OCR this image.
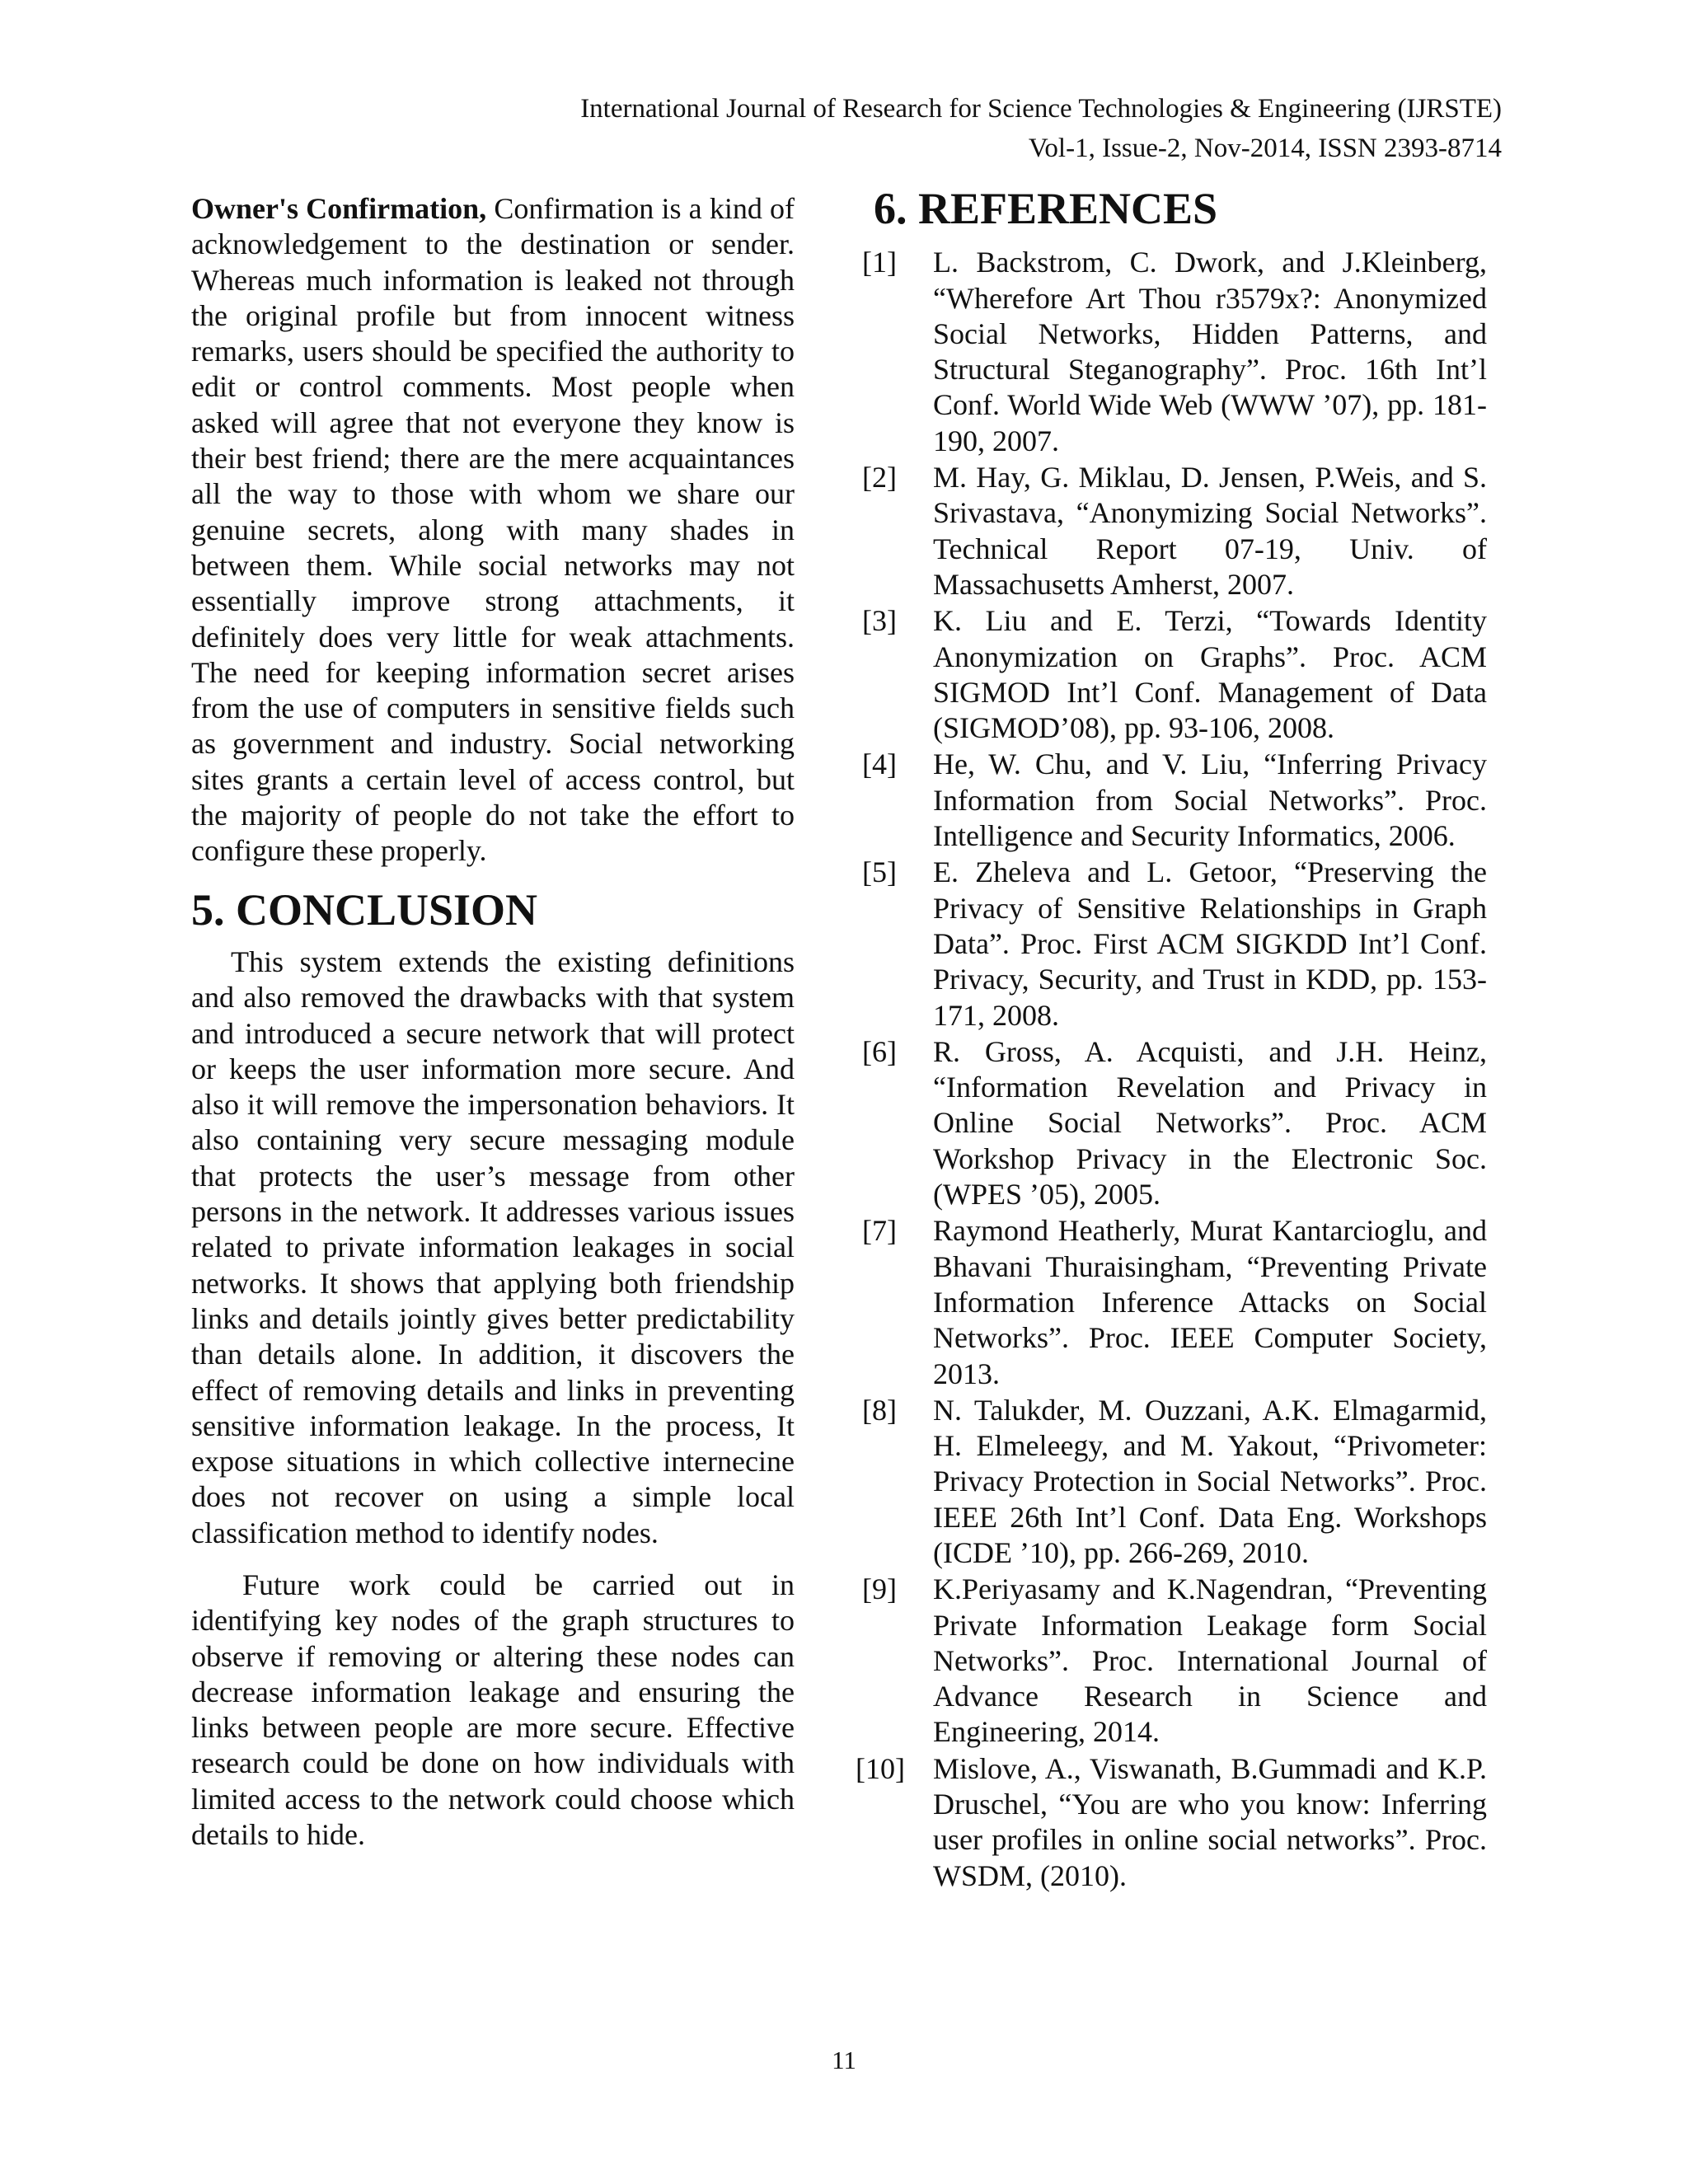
International Journal of Research for Science Technologies & Engineering (IJRSTE)
Vol-1, Issue-2, Nov-2014, ISSN 2393-8714

Owner's Confirmation, Confirmation is a kind of acknowledgement to the destination or sender. Whereas much information is leaked not through the original profile but from innocent witness remarks, users should be specified the authority to edit or control comments. Most people when asked will agree that not everyone they know is their best friend; there are the mere acquaintances all the way to those with whom we share our genuine secrets, along with many shades in between them. While social networks may not essentially improve strong attachments, it definitely does very little for weak attachments. The need for keeping information secret arises from the use of computers in sensitive fields such as government and industry. Social networking sites grants a certain level of access control, but the majority of people do not take the effort to configure these properly.

5. CONCLUSION

This system extends the existing definitions and also removed the drawbacks with that system and introduced a secure network that will protect or keeps the user information more secure. And also it will remove the impersonation behaviors. It also containing very secure messaging module that protects the user’s message from other persons in the network. It addresses various issues related to private information leakages in social networks. It shows that applying both friendship links and details jointly gives better predictability than details alone. In addition, it discovers the effect of removing details and links in preventing sensitive information leakage. In the process, It expose situations in which collective internecine does not recover on using a simple local classification method to identify nodes.

Future work could be carried out in identifying key nodes of the graph structures to observe if removing or altering these nodes can decrease information leakage and ensuring the links between people are more secure. Effective research could be done on how individuals with limited access to the network could choose which details to hide.

6. REFERENCES
[1]	L. Backstrom, C. Dwork, and J.Kleinberg, “Wherefore Art Thou r3579x?: Anonymized Social Networks, Hidden Patterns, and Structural Steganography”. Proc. 16th Int’l Conf. World Wide Web (WWW ’07), pp. 181-190, 2007.
[2]	M. Hay, G. Miklau, D. Jensen, P.Weis, and S. Srivastava, “Anonymizing Social Networks”. Technical Report 07-19, Univ. of Massachusetts Amherst, 2007.
[3]	K. Liu and E. Terzi, “Towards Identity Anonymization on Graphs”. Proc. ACM SIGMOD Int’l Conf. Management of Data (SIGMOD’08), pp. 93-106, 2008.
[4]	He, W. Chu, and V. Liu, “Inferring Privacy Information from Social Networks”. Proc. Intelligence and Security Informatics, 2006.
[5]	E. Zheleva and L. Getoor, “Preserving the Privacy of Sensitive Relationships in Graph Data”. Proc. First ACM SIGKDD Int’l Conf. Privacy, Security, and Trust in KDD, pp. 153-171, 2008.
[6]	R. Gross, A. Acquisti, and J.H. Heinz, “Information Revelation and Privacy in Online Social Networks”. Proc. ACM Workshop Privacy in the Electronic Soc. (WPES ’05), 2005.
[7]	Raymond Heatherly, Murat Kantarcioglu, and Bhavani Thuraisingham, “Preventing Private Information Inference Attacks on Social Networks”. Proc. IEEE Computer Society, 2013.
[8]	N. Talukder, M. Ouzzani, A.K. Elmagarmid, H. Elmeleegy, and M. Yakout, “Privometer: Privacy Protection in Social Networks”. Proc. IEEE 26th Int’l Conf. Data Eng. Workshops (ICDE ’10), pp. 266-269, 2010.
[9]	K.Periyasamy and K.Nagendran, “Preventing Private Information Leakage form Social Networks”. Proc. International Journal of Advance Research in Science and Engineering, 2014.
[10] Mislove, A., Viswanath, B.Gummadi and K.P. Druschel, “You are who you know: Inferring user profiles in online social networks”. Proc. WSDM, (2010).
11
